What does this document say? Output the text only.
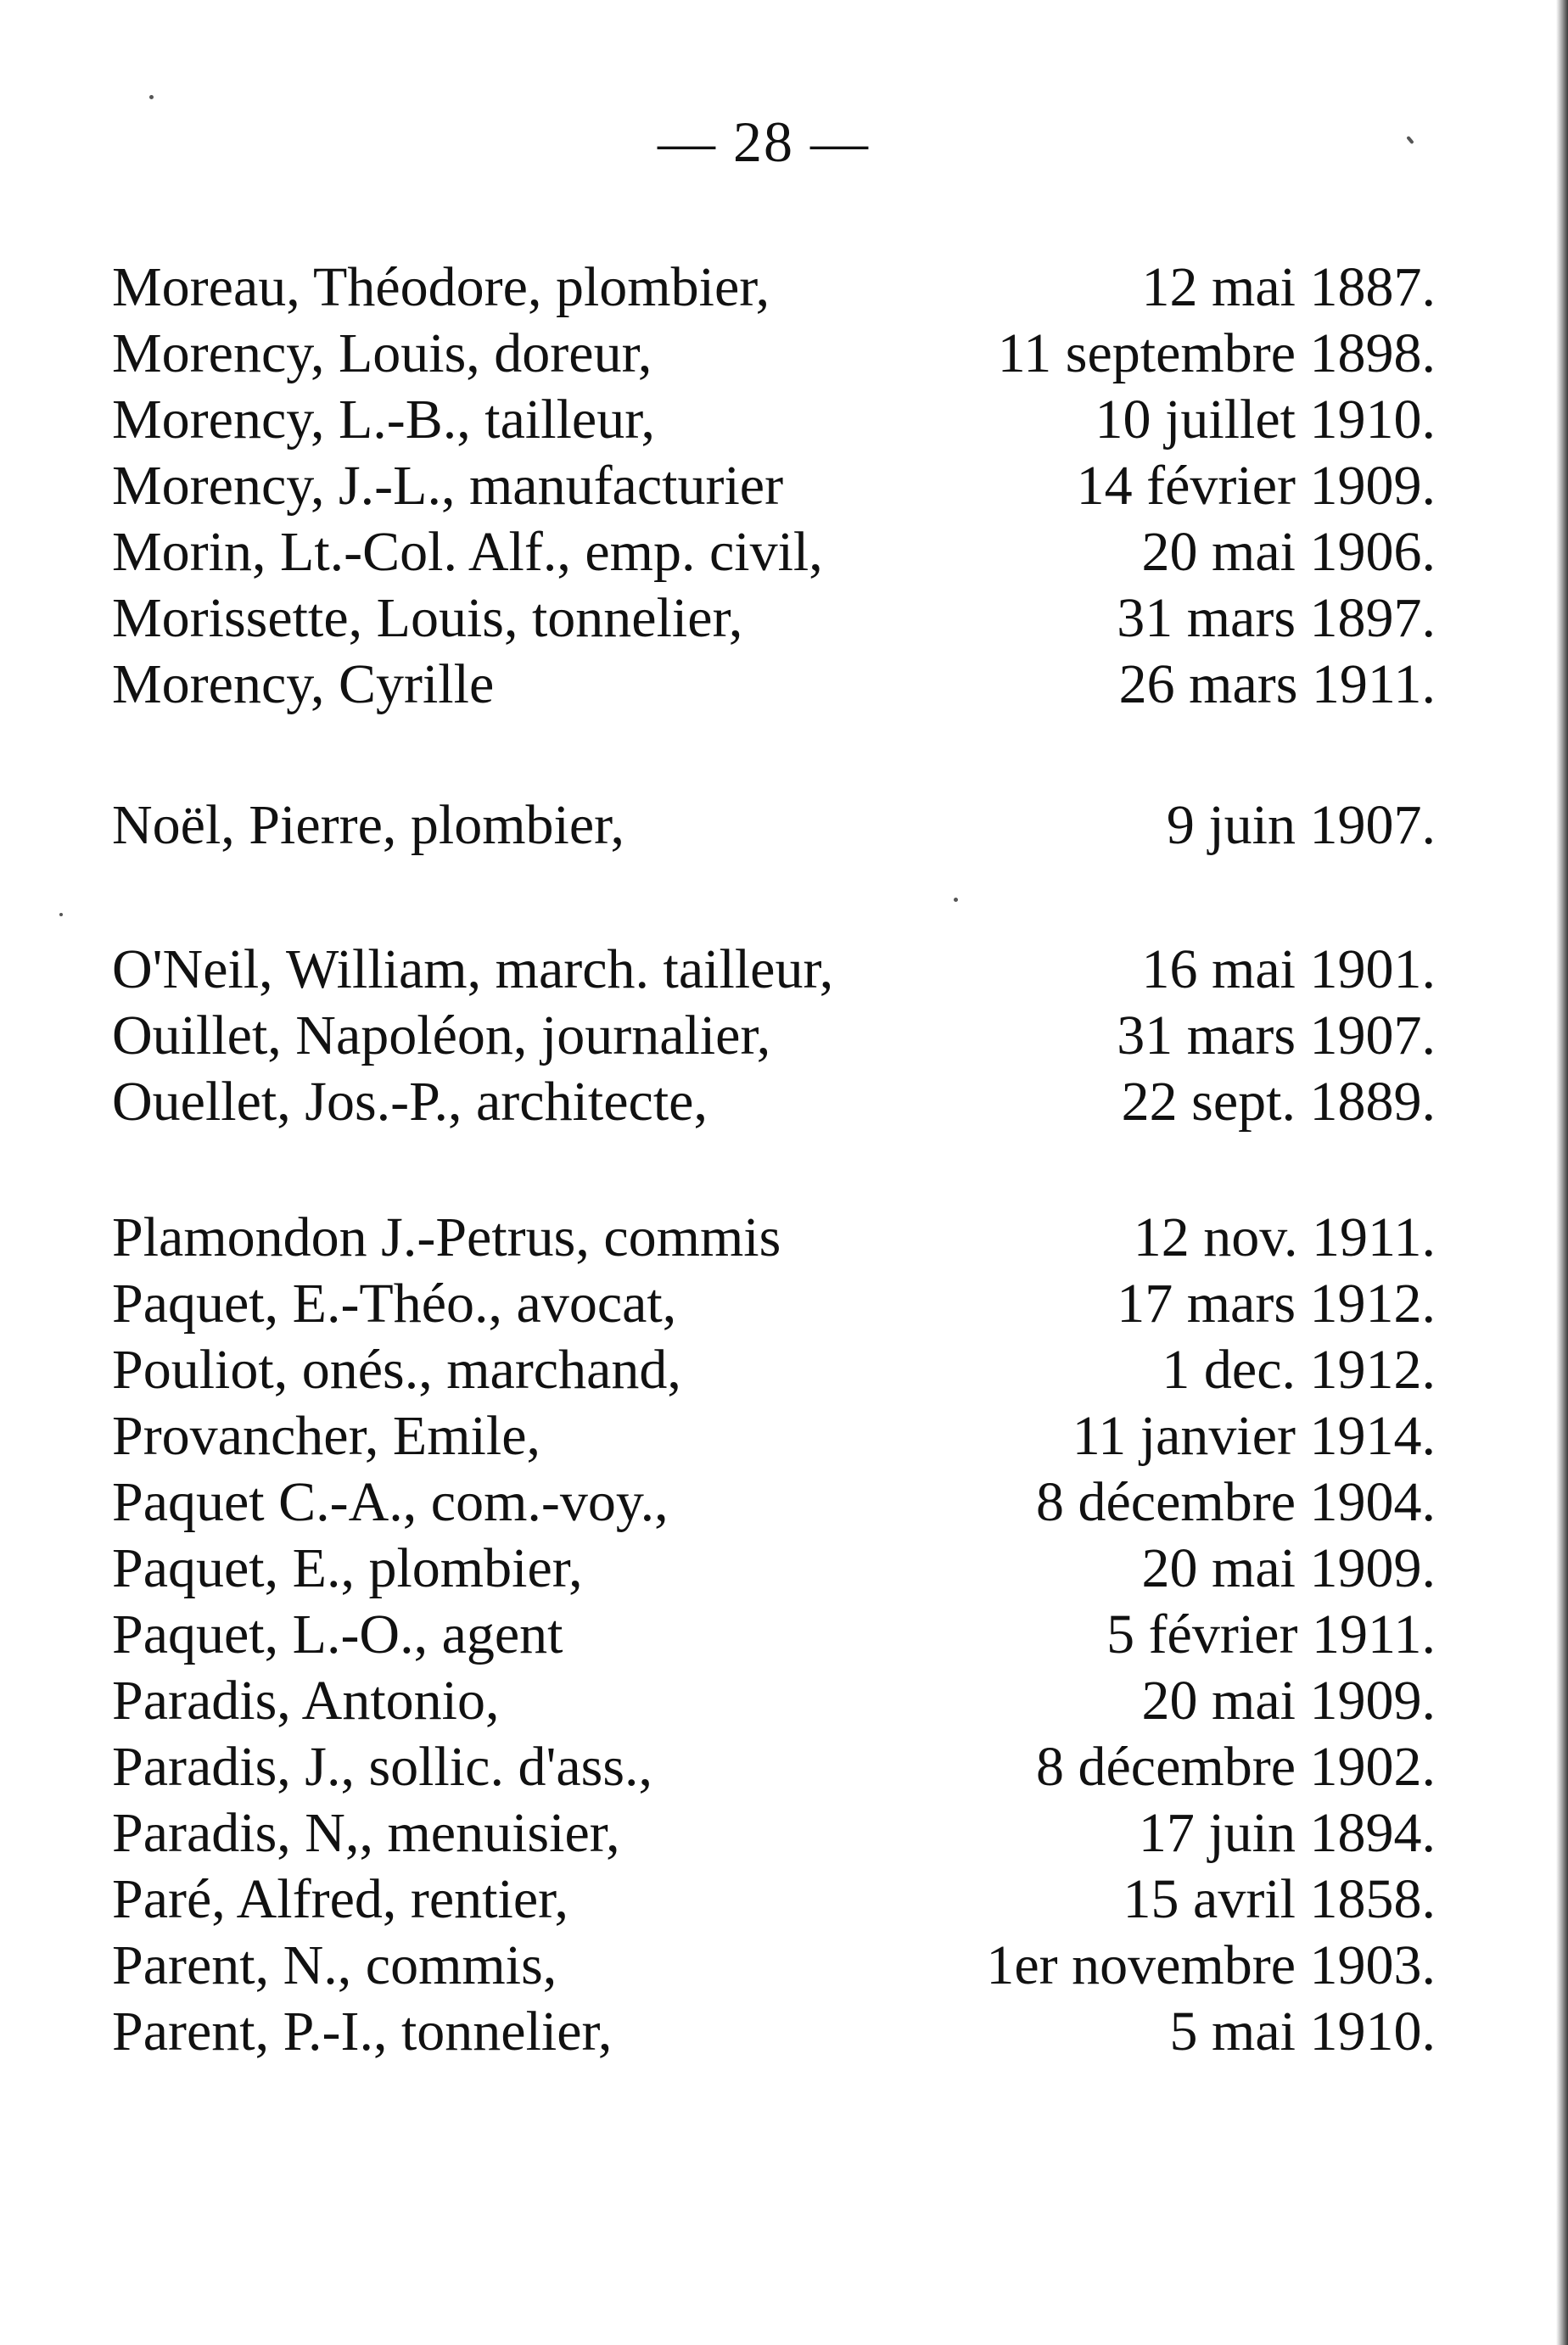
— 28 —
Moreau, Théodore, plombier,	12 mai 1887.
Morency, Louis, doreur,	11 septembre 1898.
Morency, L.-B., tailleur,	10 juillet 1910.
Morency, J.-L., manufacturier	14 février 1909.
Morin, Lt.-Col. Alf., emp. civil,	20 mai 1906.
Morissette, Louis, tonnelier,	31 mars 1897.
Morency, Cyrille	26 mars 1911.
Noël, Pierre, plombier,	9 juin 1907.
O'Neil, William, march. tailleur,	16 mai 1901.
Ouillet, Napoléon, journalier,	31 mars 1907.
Ouellet, Jos.-P., architecte,	22 sept. 1889.
Plamondon J.-Petrus, commis	12 nov. 1911.
Paquet, E.-Théo., avocat,	17 mars 1912.
Pouliot, onés., marchand,	1 dec. 1912.
Provancher, Emile,	11 janvier 1914.
Paquet C.-A., com.-voy.,	8 décembre 1904.
Paquet, E., plombier,	20 mai 1909.
Paquet, L.-O., agent	5 février 1911.
Paradis, Antonio,	20 mai 1909.
Paradis, J., sollic. d'ass.,	8 décembre 1902.
Paradis, N,, menuisier,	17 juin 1894.
Paré, Alfred, rentier,	15 avril 1858.
Parent, N., commis,	1er novembre 1903.
Parent, P.-I., tonnelier,	5 mai 1910.
